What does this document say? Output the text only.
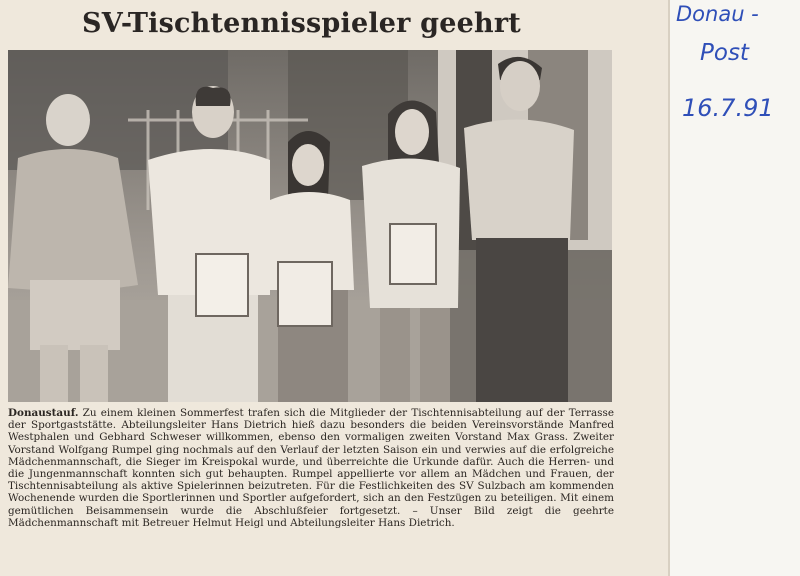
SV-Tischtennisspieler geehrt
Donaustauf. Zu einem kleinen Sommerfest trafen sich die Mitglieder der Tischtennisabteilung auf der Terrasse der Sportgaststätte. Abteilungsleiter Hans Dietrich hieß dazu besonders die beiden Vereinsvorstände Manfred Westphalen und Gebhard Schweser willkommen, ebenso den vormaligen zweiten Vorstand Max Grass. Zweiter Vorstand Wolfgang Rumpel ging nochmals auf den Verlauf der letzten Saison ein und verwies auf die erfolgreiche Mädchenmannschaft, die Sieger im Kreispokal wurde, und überreichte die Urkunde dafür. Auch die Herren- und die Jungenmannschaft konnten sich gut behaupten. Rumpel appellierte vor allem an Mädchen und Frauen, der Tischtennisabteilung als aktive Spielerinnen beizutreten. Für die Festlichkeiten des SV Sulzbach am kommenden Wochenende wurden die Sportlerinnen und Sportler aufgefordert, sich an den Festzügen zu beteiligen. Mit einem gemütlichen Beisammensein wurde die Abschlußfeier fortgesetzt. – Unser Bild zeigt die geehrte Mädchenmannschaft mit Betreuer Helmut Heigl und Abteilungsleiter Hans Dietrich.
Donau -
Post
16.7.91
